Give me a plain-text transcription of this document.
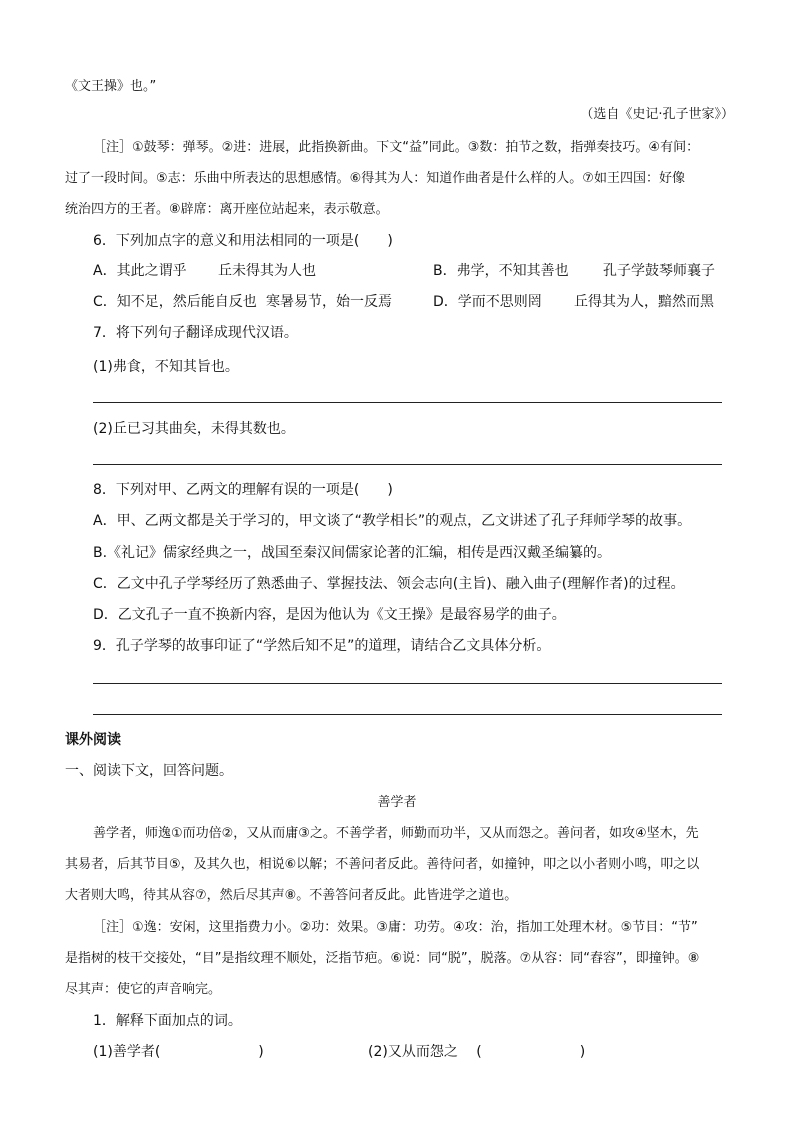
《文王操》也。”
（选自《史记·孔子世家》）
［注］①鼓琴：弹琴。②进：进展，此指换新曲。下文“益”同此。③数：拍节之数，指弹奏技巧。④有间：
过了一段时间。⑤志：乐曲中所表达的思想感情。⑥得其为人：知道作曲者是什么样的人。⑦如王四国：好像
统治四方的王者。⑧辟席：离开座位站起来，表示敬意。
6．下列加点字的意义和用法相同的一项是(　　)
A．其此之谓乎 丘未得其为人也	B．弗学，不知其善也 孔子学鼓琴师襄子
C．知不足，然后能自反也 寒暑易节，始一反焉	D．学而不思则罔 丘得其为人，黯然而黑
7．将下列句子翻译成现代汉语。
(1)弗食，不知其旨也。
(2)丘已习其曲矣，未得其数也。
8．下列对甲、乙两文的理解有误的一项是(　　)
A．甲、乙两文都是关于学习的，甲文谈了“教学相长”的观点，乙文讲述了孔子拜师学琴的故事。
B.《礼记》儒家经典之一，战国至秦汉间儒家论著的汇编，相传是西汉戴圣编纂的。
C．乙文中孔子学琴经历了熟悉曲子、掌握技法、领会志向(主旨)、融入曲子(理解作者)的过程。
D．乙文孔子一直不换新内容，是因为他认为《文王操》是最容易学的曲子。
9．孔子学琴的故事印证了“学然后知不足”的道理，请结合乙文具体分析。
课外阅读
一、阅读下文，回答问题。
善学者
善学者，师逸①而功倍②，又从而庸③之。不善学者，师勤而功半，又从而怨之。善问者，如攻④坚木，先
其易者，后其节目⑤，及其久也，相说⑥以解；不善问者反此。善待问者，如撞钟，叩之以小者则小鸣，叩之以
大者则大鸣，待其从容⑦，然后尽其声⑧。不善答问者反此。此皆进学之道也。
［注］①逸：安闲，这里指费力小。②功：效果。③庸：功劳。④攻：治，指加工处理木材。⑤节目：“节”
是指树的枝干交接处，“目”是指纹理不顺处，泛指节疤。⑥说：同“脱”，脱落。⑦从容：同“舂容”，即撞钟。⑧
尽其声：使它的声音响完。
1．解释下面加点的词。
(1)善学者(　　　　　　　)	(2)又从而怨之　 (　　　　　　　)
